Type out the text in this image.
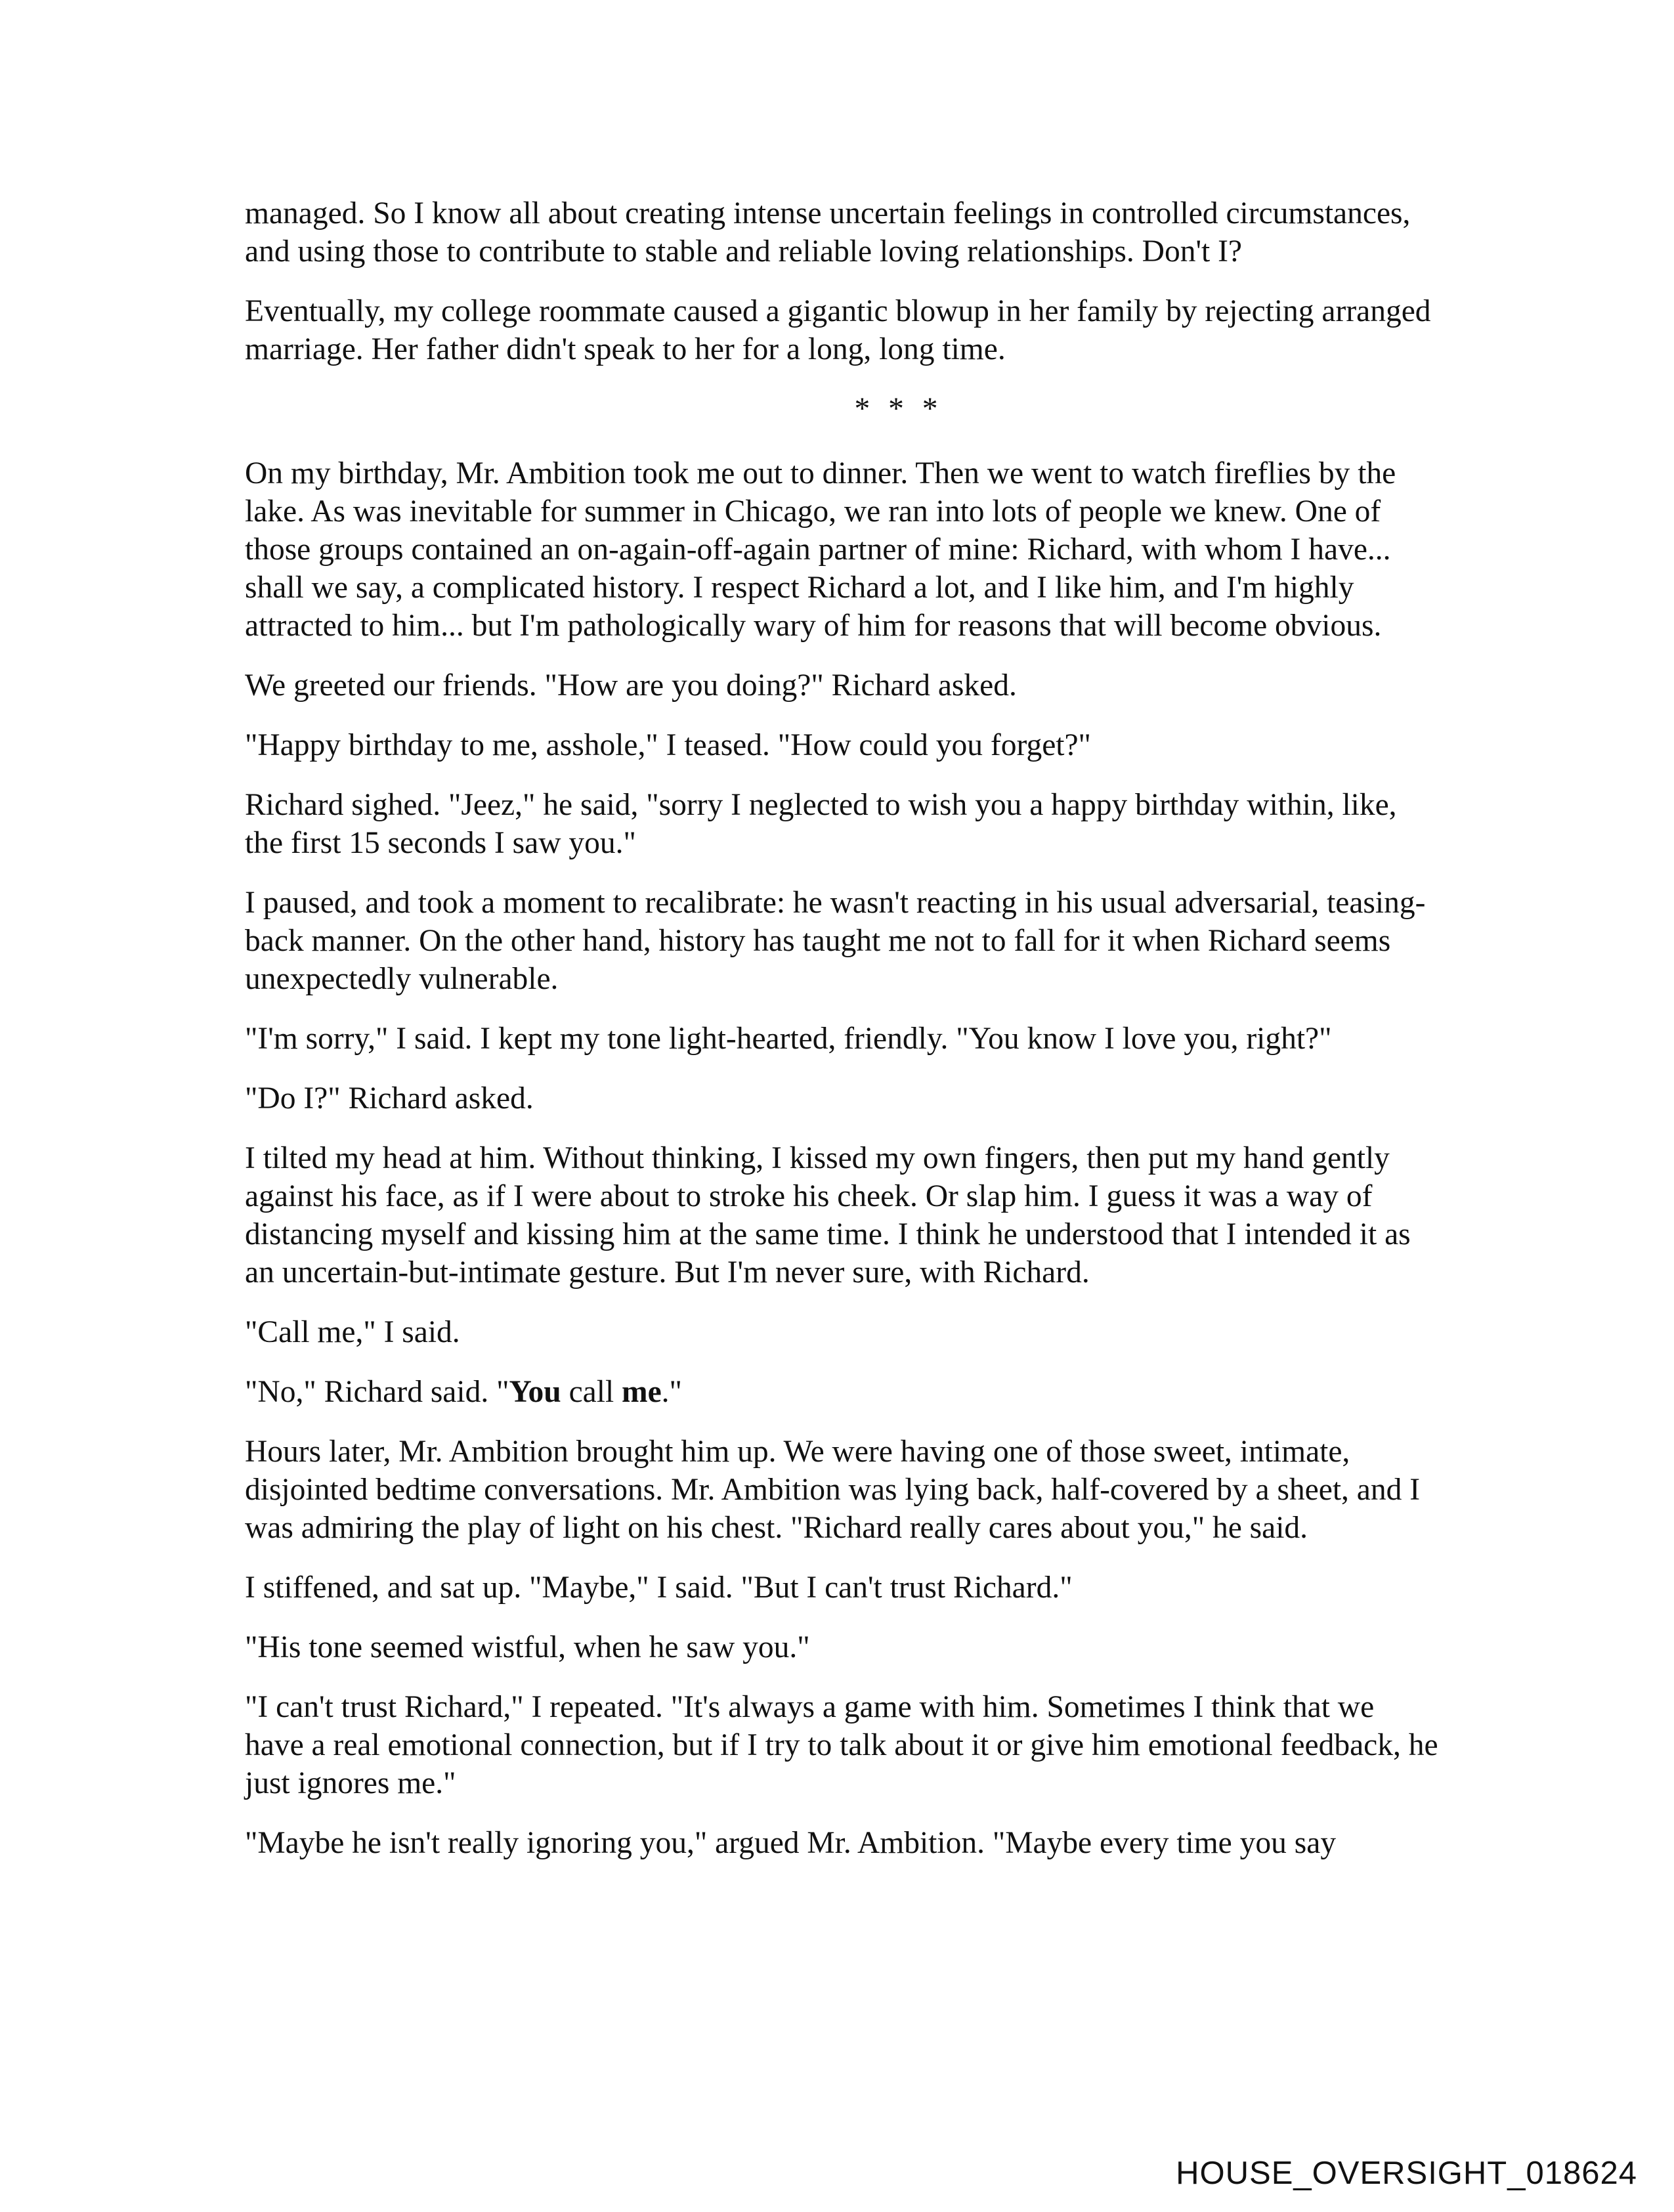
managed. So I know all about creating intense uncertain feelings in controlled circumstances, and using those to contribute to stable and reliable loving relationships. Don't I?

Eventually, my college roommate caused a gigantic blowup in her family by rejecting arranged marriage. Her father didn't speak to her for a long, long time.

* * *

On my birthday, Mr. Ambition took me out to dinner. Then we went to watch fireflies by the lake. As was inevitable for summer in Chicago, we ran into lots of people we knew. One of those groups contained an on-again-off-again partner of mine: Richard, with whom I have... shall we say, a complicated history. I respect Richard a lot, and I like him, and I'm highly attracted to him... but I'm pathologically wary of him for reasons that will become obvious.

We greeted our friends. "How are you doing?" Richard asked.

"Happy birthday to me, asshole," I teased. "How could you forget?"

Richard sighed. "Jeez," he said, "sorry I neglected to wish you a happy birthday within, like, the first 15 seconds I saw you."

I paused, and took a moment to recalibrate: he wasn't reacting in his usual adversarial, teasing-back manner. On the other hand, history has taught me not to fall for it when Richard seems unexpectedly vulnerable.

"I'm sorry," I said. I kept my tone light-hearted, friendly. "You know I love you, right?"

"Do I?" Richard asked.

I tilted my head at him. Without thinking, I kissed my own fingers, then put my hand gently against his face, as if I were about to stroke his cheek. Or slap him. I guess it was a way of distancing myself and kissing him at the same time. I think he understood that I intended it as an uncertain-but-intimate gesture. But I'm never sure, with Richard.

"Call me," I said.

"No," Richard said. "You call me."

Hours later, Mr. Ambition brought him up. We were having one of those sweet, intimate, disjointed bedtime conversations. Mr. Ambition was lying back, half-covered by a sheet, and I was admiring the play of light on his chest. "Richard really cares about you," he said.

I stiffened, and sat up. "Maybe," I said. "But I can't trust Richard."

"His tone seemed wistful, when he saw you."

"I can't trust Richard," I repeated. "It's always a game with him. Sometimes I think that we have a real emotional connection, but if I try to talk about it or give him emotional feedback, he just ignores me."

"Maybe he isn't really ignoring you," argued Mr. Ambition. "Maybe every time you say

HOUSE_OVERSIGHT_018624
